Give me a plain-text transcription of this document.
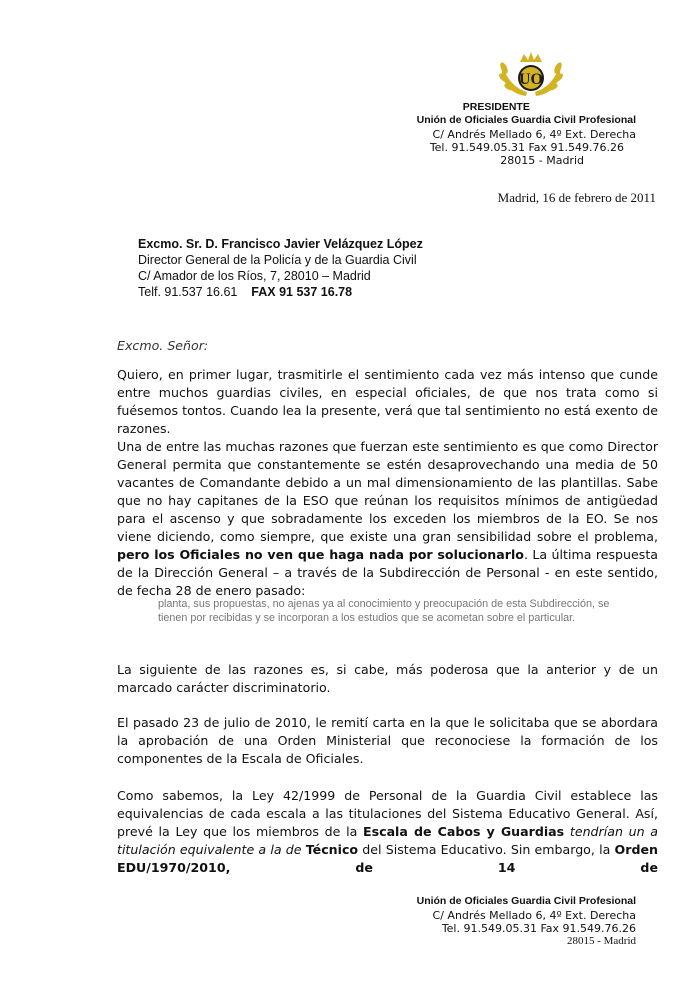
UO
PRESIDENTE
Unión de Oficiales Guardia Civil Profesional
C/ Andrés Mellado 6, 4º Ext. Derecha
Tel. 91.549.05.31 Fax 91.549.76.26
28015 - Madrid
Madrid, 16 de febrero de 2011
Excmo. Sr. D. Francisco Javier Velázquez López
Director General de la Policía y de la Guardia Civil
C/ Amador de los Ríos, 7, 28010 – Madrid
Telf. 91.537 16.61 FAX 91 537 16.78
Excmo. Señor:
Quiero, en primer lugar, trasmitirle el sentimiento cada vez más intenso que cunde entre muchos guardias civiles, en especial oficiales, de que nos trata como si fuésemos tontos. Cuando lea la presente, verá que tal sentimiento no está exento de razones.
Una de entre las muchas razones que fuerzan este sentimiento es que como Director General permita que constantemente se estén desaprovechando una media de 50 vacantes de Comandante debido a un mal dimensionamiento de las plantillas. Sabe que no hay capitanes de la ESO que reúnan los requisitos mínimos de antigüedad para el ascenso y que sobradamente los exceden los miembros de la EO. Se nos viene diciendo, como siempre, que existe una gran sensibilidad sobre el problema, pero los Oficiales no ven que haga nada por solucionarlo. La última respuesta de la Dirección General – a través de la Subdirección de Personal - en este sentido, de fecha 28 de enero pasado:
planta, sus propuestas, no ajenas ya al conocimiento y preocupación de esta Subdirección, se tienen por recibidas y se incorporan a los estudios que se acometan sobre el particular.
La siguiente de las razones es, si cabe, más poderosa que la anterior y de un marcado carácter discriminatorio.
El pasado 23 de julio de 2010, le remití carta en la que le solicitaba que se abordara la aprobación de una Orden Ministerial que reconociese la formación de los componentes de la Escala de Oficiales.
Como sabemos, la Ley 42/1999 de Personal de la Guardia Civil establece las equivalencias de cada escala a las titulaciones del Sistema Educativo General. Así, prevé la Ley que los miembros de la Escala de Cabos y Guardias tendrían un a titulación equivalente a la de Técnico del Sistema Educativo. Sin embargo, la Orden EDU/1970/2010, de 14 de
Unión de Oficiales Guardia Civil Profesional
C/ Andrés Mellado 6, 4º Ext. Derecha
Tel. 91.549.05.31 Fax 91.549.76.26
28015 - Madrid
